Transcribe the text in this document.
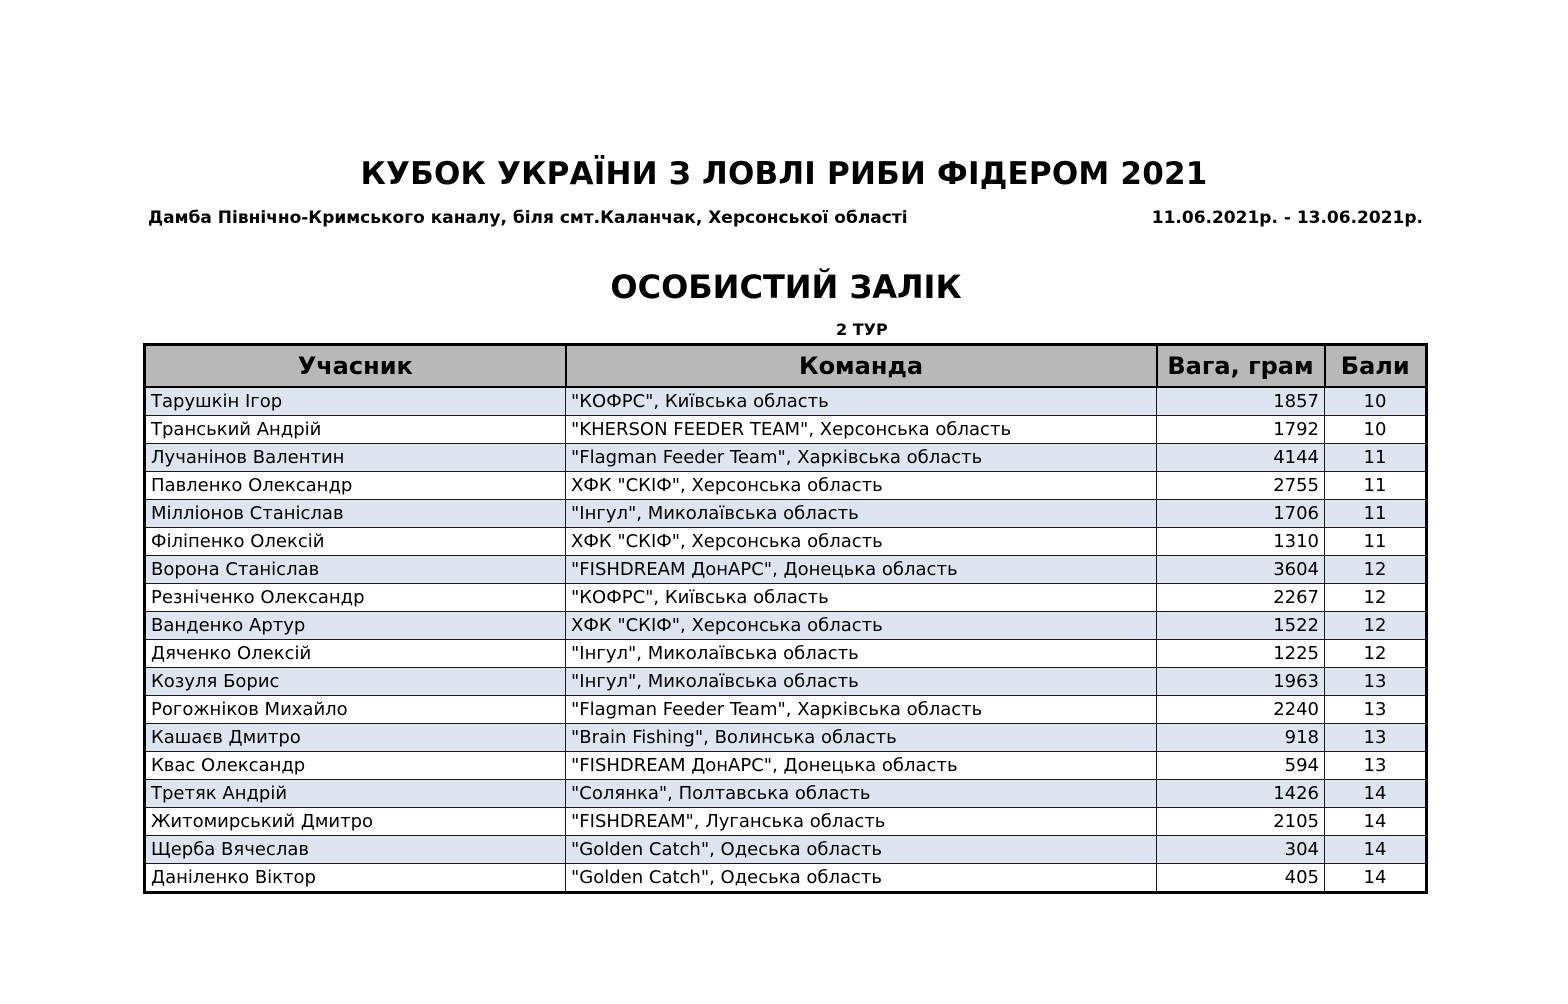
КУБОК УКРАЇНИ З ЛОВЛІ РИБИ ФІДЕРОМ 2021
Дамба Північно-Кримського каналу, біля смт.Каланчак, Херсонської області	11.06.2021р. - 13.06.2021р.
ОСОБИСТИЙ ЗАЛІК
2 ТУР
Учасник	Команда	Вага, грам	Бали
Тарушкін Ігор	"КОФРС", Київська область	1857	10
Транський Андрій	"KHERSON FEEDER TEAM", Херсонська область	1792	10
Лучанінов Валентин	"Flagman Feeder Team", Харківська область	4144	11
Павленко Олександр	ХФК "СКІФ", Херсонська область	2755	11
Мілліонов Станіслав	"Інгул", Миколаївська область	1706	11
Філіпенко Олексій	ХФК "СКІФ", Херсонська область	1310	11
Ворона Станіслав	"FISHDREAM ДонАРС", Донецька область	3604	12
Резніченко Олександр	"КОФРС", Київська область	2267	12
Ванденко Артур	ХФК "СКІФ", Херсонська область	1522	12
Дяченко Олексій	"Інгул", Миколаївська область	1225	12
Козуля Борис	"Інгул", Миколаївська область	1963	13
Рогожніков Михайло	"Flagman Feeder Team", Харківська область	2240	13
Кашаєв Дмитро	"Brain Fishing", Волинська область	918	13
Квас Олександр	"FISHDREAM ДонАРС", Донецька область	594	13
Третяк Андрій	"Солянка", Полтавська область	1426	14
Житомирський Дмитро	"FISHDREAM", Луганська область	2105	14
Щерба Вячеслав	"Golden Catch", Одеська область	304	14
Даніленко Віктор	"Golden Catch", Одеська область	405	14
